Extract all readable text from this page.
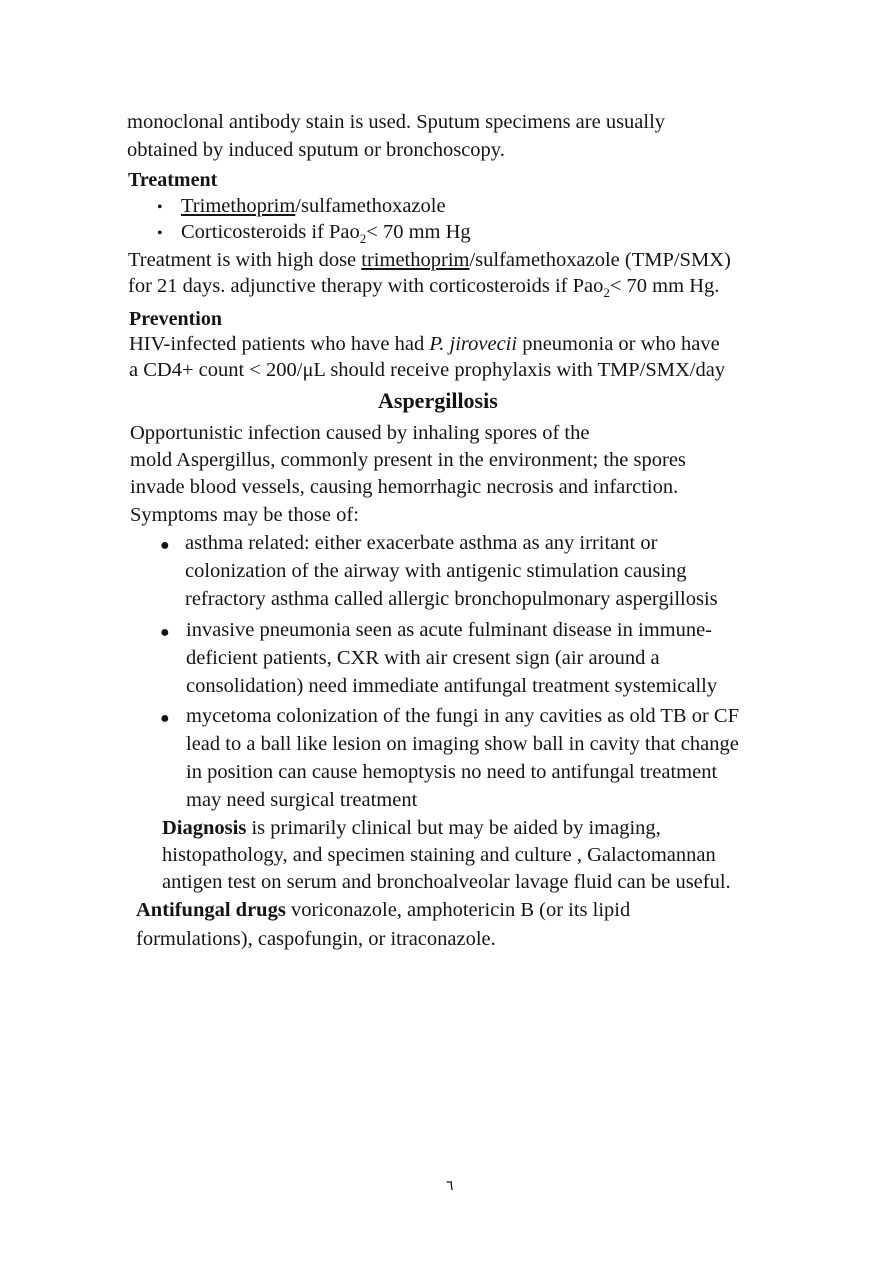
monoclonal antibody stain is used. Sputum specimens are usually
obtained by induced sputum or bronchoscopy.
Treatment
• Trimethoprim/sulfamethoxazole
• Corticosteroids if Pao$_2$< 70 mm Hg
Treatment is with high dose trimethoprim/sulfamethoxazole (TMP/SMX)
for 21 days. adjunctive therapy with corticosteroids if Pao$_2$< 70 mm Hg.
Prevention
HIV-infected patients who have had P. jirovecii pneumonia or who have
a CD4+ count < 200/μL should receive prophylaxis with TMP/SMX/day
Aspergillosis
Opportunistic infection caused by inhaling spores of the
mold Aspergillus, commonly present in the environment; the spores
invade blood vessels, causing hemorrhagic necrosis and infarction.
Symptoms may be those of:
● asthma related: either exacerbate asthma as any irritant or
colonization of the airway with antigenic stimulation causing
refractory asthma called allergic bronchopulmonary aspergillosis
● invasive pneumonia seen as acute fulminant disease in immune-
deficient patients, CXR with air cresent sign (air around a
consolidation) need immediate antifungal treatment systemically
● mycetoma colonization of the fungi in any cavities as old TB or CF
lead to a ball like lesion on imaging show ball in cavity that change
in position can cause hemoptysis no need to antifungal treatment
may need surgical treatment
Diagnosis is primarily clinical but may be aided by imaging,
histopathology, and specimen staining and culture , Galactomannan
antigen test on serum and bronchoalveolar lavage fluid can be useful.
Antifungal drugs voriconazole, amphotericin B (or its lipid
formulations), caspofungin, or itraconazole.
٦
